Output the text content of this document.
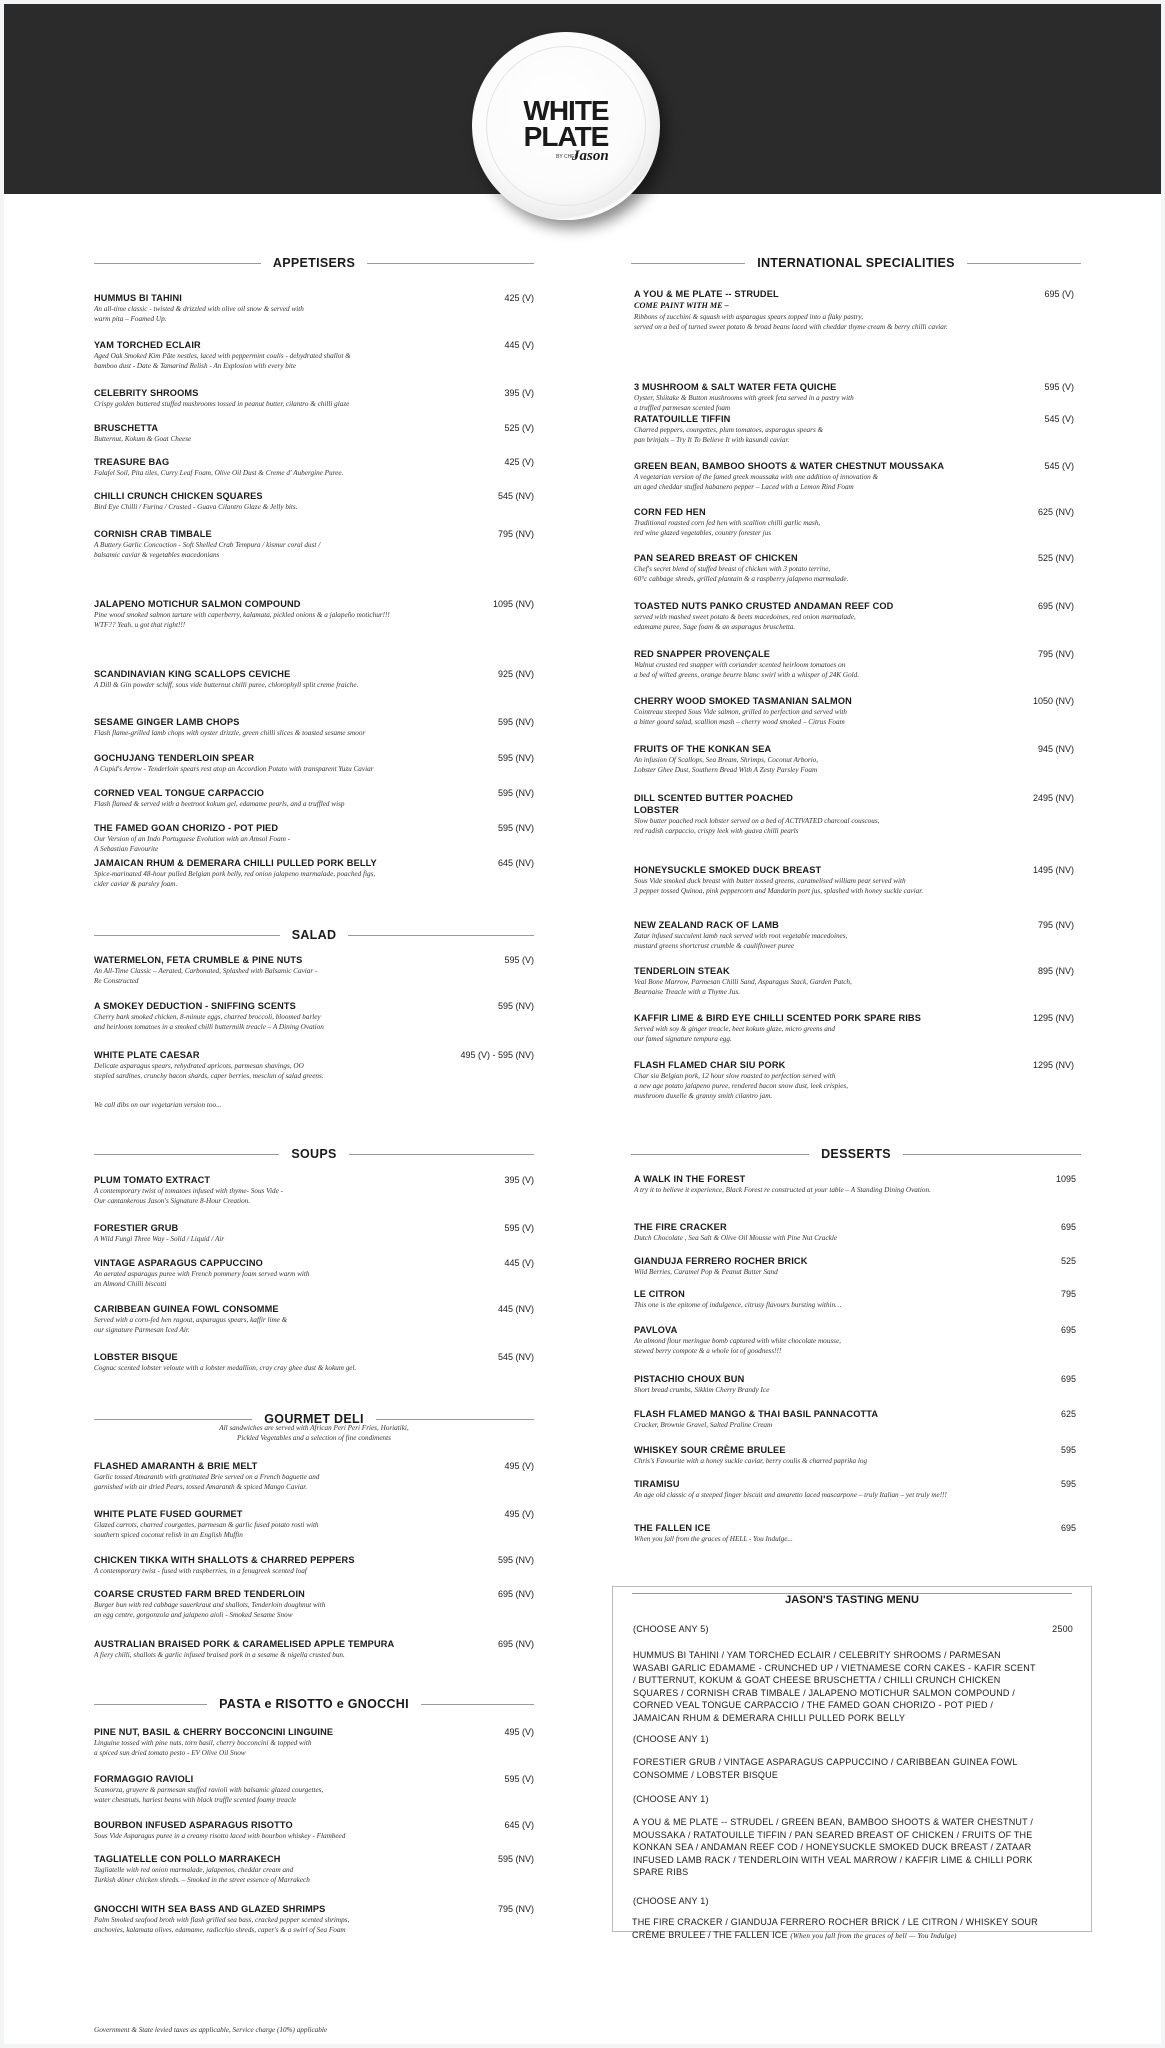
WHITE
PLATE
BY CHEF
Jason
APPETISERS
SALAD
SOUPS
GOURMET DELI
PASTA e RISOTTO e GNOCCHI
INTERNATIONAL SPECIALITIES
DESSERTS
HUMMUS BI TAHINI	425 (V)
An all-time classic - twisted & drizzled with olive oil snow & served with
warm pita – Foamed Up.
YAM TORCHED ECLAIR	445 (V)
Aged Oak Smoked Kim Pâte nestles, laced with peppermint coulis - dehydrated shallot &
bamboo dust - Date & Tamarind Relish - An Explosion with every bite
CELEBRITY SHROOMS	395 (V)
Crispy golden buttered stuffed mushrooms tossed in peanut butter, cilantro & chilli glaze
BRUSCHETTA	525 (V)
Butternut, Kokum & Goat Cheese
TREASURE BAG	425 (V)
Falafel Soil, Pita tiles, Curry Leaf Foam, Olive Oil Dust & Creme d' Aubergine Puree.
CHILLI CRUNCH CHICKEN SQUARES	545 (NV)
Bird Eye Chilli / Furina / Crusted - Guava Cilantro Glaze & Jelly bits.
CORNISH CRAB TIMBALE	795 (NV)
A Buttery Garlic Concoction - Soft Shelled Crab Tempura / kismur coral dust /
balsamic caviar & vegetables macedonians
JALAPENO MOTICHUR SALMON COMPOUND	1095 (NV)
Pine wood smoked salmon tartare with caperberry, kalamata, pickled onions & a jalapeño motichur!!!
WTF?? Yeah, u got that right!!!
SCANDINAVIAN KING SCALLOPS CEVICHE	925 (NV)
A Dill & Gin powder schiff, sous vide butternut chilli puree, chlorophyll split creme fraiche.
SESAME GINGER LAMB CHOPS	595 (NV)
Flash flame-grilled lamb chops with oyster drizzle, green chilli slices & toasted sesame smoor
GOCHUJANG TENDERLOIN SPEAR	595 (NV)
A Cupid's Arrow - Tenderloin spears rest atop an Accordion Potato with transparent Yuzu Caviar
CORNED VEAL TONGUE CARPACCIO	595 (NV)
Flash flamed & served with a beetroot kokum gel, edamame pearls, and a truffled wisp
THE FAMED GOAN CHORIZO - POT PIED	595 (NV)
Our Version of an Indo Portuguese Evolution with an Amsol Foam -
A Sebastian Favourite
JAMAICAN RHUM & DEMERARA CHILLI PULLED PORK BELLY	645 (NV)
Spice-marinated 48-hour pulled Belgian pork belly, red onion jalapeno marmalade, poached figs,
cider caviar & parsley foam.
WATERMELON, FETA CRUMBLE & PINE NUTS	595 (V)
An All-Time Classic – Aerated, Carbonated, Splashed with Balsamic Caviar -
Re Constructed
A SMOKEY DEDUCTION - SNIFFING SCENTS	595 (NV)
Cherry bark smoked chicken, 8-minute eggs, charred broccoli, bloomed barley
and heirloom tomatoes in a smoked chilli buttermilk treacle – A Dining Ovation
WHITE PLATE CAESAR	495 (V) - 595 (NV)
Delicate asparagus spears, rehydrated apricots, parmesan shavings, OO
stepled sardines, crunchy bacon shards, caper berries, mesclun of salad greens.
PLUM TOMATO EXTRACT	395 (V)
A contemporary twist of tomatoes infused with thyme- Sous Vide -
Our cantankerous Jason's Signature 8-Hour Creation.
FORESTIER GRUB	595 (V)
A Wild Fungi Three Way - Solid / Liquid / Air
VINTAGE ASPARAGUS CAPPUCCINO	445 (V)
An aerated asparagus puree with French pommery foam served warm with
an Almond Chilli biscotti
CARIBBEAN GUINEA FOWL CONSOMME	445 (NV)
Served with a corn-fed hen ragout, asparagus spears, kaffir lime &
our signature Parmesan Iced Air.
LOBSTER BISQUE	545 (NV)
Cognac scented lobster veloute with a lobster medallion, cray cray ghee dust & kokum gel.
FLASHED AMARANTH & BRIE MELT	495 (V)
Garlic tossed Amaranth with gratinated Brie served on a French baguette and
garnished with air dried Pears, tossed Amaranth & spiced Mango Caviar.
WHITE PLATE FUSED GOURMET	495 (V)
Glazed carrots, charred courgettes, parmesan & garlic fused potato rosti with
southern spiced coconut relish in an English Muffin
CHICKEN TIKKA WITH SHALLOTS & CHARRED PEPPERS	595 (NV)
A contemporary twist - fused with raspberries, in a fenugreek scented loaf
COARSE CRUSTED FARM BRED TENDERLOIN	695 (NV)
Burger bun with red cabbage sauerkraut and shallots, Tenderloin doughnut with
an egg centre, gorgonzola and jalapeno aioli - Smoked Sesame Snow
AUSTRALIAN BRAISED PORK & CARAMELISED APPLE TEMPURA	695 (NV)
A fiery chilli, shallots & garlic infused braised pork in a sesame & nigella crusted bun.
PINE NUT, BASIL & CHERRY BOCCONCINI LINGUINE	495 (V)
Linguine tossed with pine nuts, torn basil, cherry bocconcini & topped with
a spiced sun dried tomato pesto - EV Olive Oil Snow
FORMAGGIO RAVIOLI	595 (V)
Scamorza, gruyere & parmesan stuffed ravioli with balsamic glazed courgettes,
water chestnuts, hariest beans with black truffle scented foamy treacle
BOURBON INFUSED ASPARAGUS RISOTTO	645 (V)
Sous Vide Asparagus puree in a creamy risotto laced with bourbon whiskey - Flambeed
TAGLIATELLE CON POLLO MARRAKECH	595 (NV)
Tagliatelle with red onion marmalade, jalapenos, cheddar cream and
Turkish döner chicken shreds. – Smoked in the street essence of Marrakech
GNOCCHI WITH SEA BASS AND GLAZED SHRIMPS	795 (NV)
Palm Smoked seafood broth with flash grilled sea bass, cracked pepper scented shrimps,
anchovies, kalamata olives, edamame, radicchio shreds, caper's & a swirl of Sea Foam
A YOU & ME PLATE -- STRUDEL	695 (V)
COME PAINT WITH ME –
Ribbons of zucchini & squash with asparagus spears topped into a flaky pastry,
served on a bed of turned sweet potato & broad beans laced with cheddar thyme cream & berry chilli caviar.
3 MUSHROOM & SALT WATER FETA QUICHE	595 (V)
Oyster, Shiitake & Button mushrooms with greek feta served in a pastry with
a truffled parmesan scented foam
RATATOUILLE TIFFIN	545 (V)
Charred peppers, courgettes, plum tomatoes, asparagus spears &
pan brinjals – Try It To Believe It with kasundi caviar.
GREEN BEAN, BAMBOO SHOOTS & WATER CHESTNUT MOUSSAKA	545 (V)
A vegetarian version of the famed greek moussaka with one addition of innovation &
an aged cheddar stuffed habanero pepper – Laced with a Lemon Rind Foam
CORN FED HEN	625 (NV)
Traditional roasted corn fed hen with scallion chilli garlic mash,
red wine glazed vegetables, country forester jus
PAN SEARED BREAST OF CHICKEN	525 (NV)
Chef's secret blend of stuffed breast of chicken with 3 potato terrine,
60°c cabbage shreds, grilled plantain & a raspberry jalapeno marmalade.
TOASTED NUTS PANKO CRUSTED ANDAMAN REEF COD	695 (NV)
served with mashed sweet potato & beets macedoines, red onion marmalade,
edamame puree, Sage foam & an asparagus bruschetta.
RED SNAPPER PROVENÇALE	795 (NV)
Walnut crusted red snapper with coriander scented heirloom tomatoes on
a bed of wilted greens, orange beurre blanc swirl with a whisper of 24K Gold.
CHERRY WOOD SMOKED TASMANIAN SALMON	1050 (NV)
Cointreau steeped Sous Vide salmon, grilled to perfection and served with
a bitter gourd salad, scallion mash – cherry wood smoked – Citrus Foam
FRUITS OF THE KONKAN SEA	945 (NV)
An infusion Of Scallops, Sea Bream, Shrimps, Coconut Arborio,
Lobster Ghee Dust, Southern Bread With A Zesty Parsley Foam
DILL SCENTED BUTTER POACHED	2495 (NV)
LOBSTER
Slow butter poached rock lobster served on a bed of ACTIVATED charcoal couscous,
red radish carpaccio, crispy leek with guava chilli pearls
HONEYSUCKLE SMOKED DUCK BREAST	1495 (NV)
Sous Vide smoked duck breast with butter tossed greens, caramelised william pear served with
3 pepper tossed Quinoa, pink peppercorn and Mandarin port jus, splashed with honey suckle caviar.
NEW ZEALAND RACK OF LAMB	795 (NV)
Zatar infused succulent lamb rack served with root vegetable macedoines,
mustard greens shortcrust crumble & cauliflower puree
TENDERLOIN STEAK	895 (NV)
Veal Bone Marrow, Parmesan Chilli Sand, Asparagus Stack, Garden Patch,
Bearnaise Treacle with a Thyme Jus.
KAFFIR LIME & BIRD EYE CHILLI SCENTED PORK SPARE RIBS	1295 (NV)
Served with soy & ginger treacle, beet kokum glaze, micro greens and
our famed signature tempura egg.
FLASH FLAMED CHAR SIU PORK	1295 (NV)
Char siu Belgian pork, 12 hour slow roasted to perfection served with
a new age potato jalapeno puree, rendered bacon snow dust, leek crispies,
mushroom duxelle & granny smith cilantro jam.
A WALK IN THE FOREST	1095
A try it to believe it experience, Black Forest re constructed at your table – A Standing Dining Ovation.
THE FIRE CRACKER	695
Dutch Chocolate , Sea Salt & Olive Oil Mousse with Pine Nut Crackle
GIANDUJA FERRERO ROCHER BRICK	525
Wild Berries, Caramel Pop & Peanut Butter Sand
LE CITRON	795
This one is the epitome of indulgence, citrusy flavours bursting within…
PAVLOVA	695
An almond flour meringue bomb captured with white chocolate mousse,
stewed berry compote & a whole lot of goodness!!!
PISTACHIO CHOUX BUN	695
Short bread crumbs, Sikkim Cherry Brandy Ice
FLASH FLAMED MANGO & THAI BASIL PANNACOTTA	625
Cracker, Brownie Gravel, Salted Praline Cream
WHISKEY SOUR CRÈME BRULEE	595
Chris's Favourite with a honey suckle caviar, berry coulis & charred paprika log
TIRAMISU	595
An age old classic of a steeped finger biscuit and amaretto laced mascarpone – truly Italian – yet truly me!!!
THE FALLEN ICE	695
When you fall from the graces of HELL - You Indulge...
We call dibs on our vegetarian version too...
Government & State levied taxes as applicable, Service charge (10%) applicable
All sandwiches are served with African Peri Peri Fries, Horiatiki,
Pickled Vegetables and a selection of fine condiments
JASON'S TASTING MENU
(CHOOSE ANY 5)	2500
HUMMUS BI TAHINI / YAM TORCHED ECLAIR / CELEBRITY SHROOMS / PARMESAN
WASABI GARLIC EDAMAME - CRUNCHED UP / VIETNAMESE CORN CAKES - KAFIR SCENT
/ BUTTERNUT, KOKUM & GOAT CHEESE BRUSCHETTA / CHILLI CRUNCH CHICKEN
SQUARES / CORNISH CRAB TIMBALE / JALAPENO MOTICHUR SALMON COMPOUND /
CORNED VEAL TONGUE CARPACCIO / THE FAMED GOAN CHORIZO - POT PIED /
JAMAICAN RHUM & DEMERARA CHILLI PULLED PORK BELLY
(CHOOSE ANY 1)
FORESTIER GRUB / VINTAGE ASPARAGUS CAPPUCCINO / CARIBBEAN GUINEA FOWL
CONSOMME / LOBSTER BISQUE
(CHOOSE ANY 1)
A YOU & ME PLATE -- STRUDEL / GREEN BEAN, BAMBOO SHOOTS & WATER CHESTNUT /
MOUSSAKA / RATATOUILLE TIFFIN / PAN SEARED BREAST OF CHICKEN / FRUITS OF THE
KONKAN SEA / ANDAMAN REEF COD / HONEYSUCKLE SMOKED DUCK BREAST / ZATAAR
INFUSED LAMB RACK / TENDERLOIN WITH VEAL MARROW / KAFFIR LIME & CHILLI PORK
SPARE RIBS
(CHOOSE ANY 1)
THE FIRE CRACKER / GIANDUJA FERRERO ROCHER BRICK / LE CITRON / WHISKEY SOUR
CRÈME BRULEE / THE FALLEN ICE (When you fall from the graces of hell — You Indulge)
